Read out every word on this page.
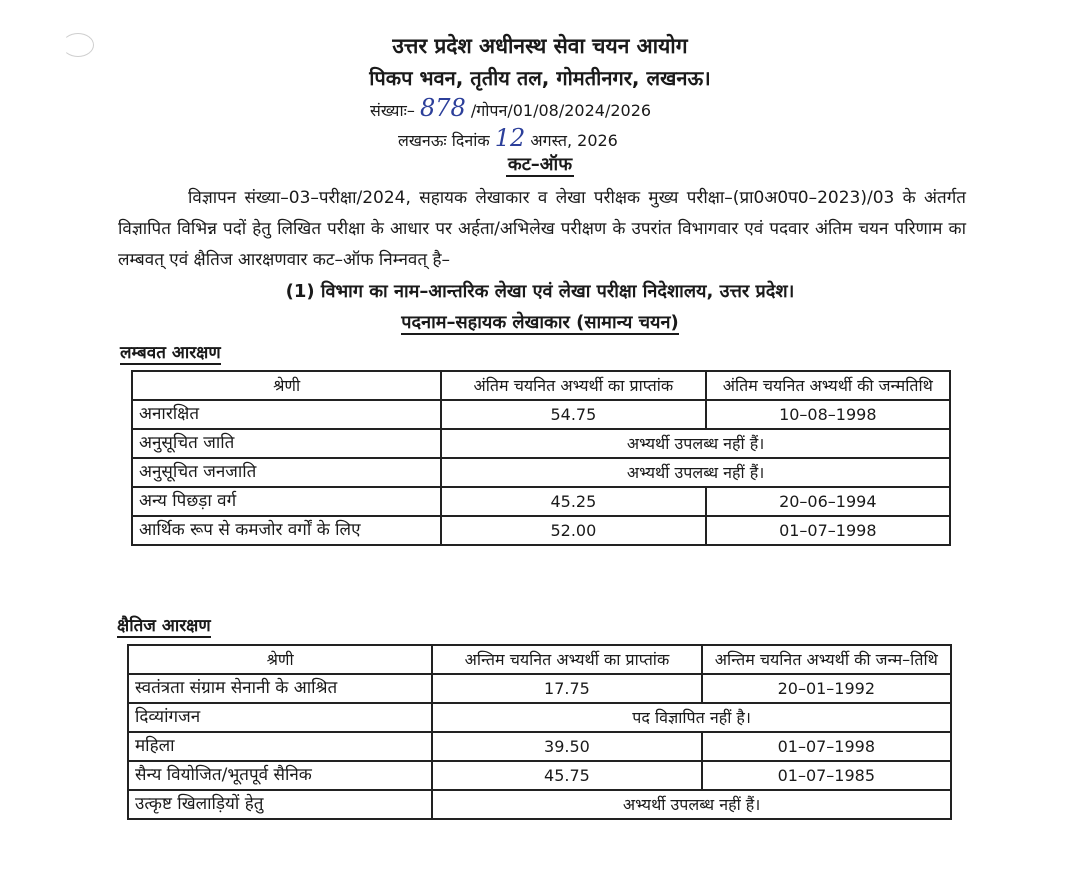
उत्तर प्रदेश अधीनस्थ सेवा चयन आयोग
पिकप भवन, तृतीय तल, गोमतीनगर, लखनऊ।
संख्याः– 878 /गोपन/01/08/2024/2026
लखनऊः दिनांक 12 अगस्त, 2026
कट–ऑफ
विज्ञापन संख्या–03–परीक्षा/2024, सहायक लेखाकार व लेखा परीक्षक मुख्य परीक्षा–(प्रा0अ0प0–2023)/03 के अंतर्गत विज्ञापित विभिन्न पदों हेतु लिखित परीक्षा के आधार पर अर्हता/अभिलेख परीक्षण के उपरांत विभागवार एवं पदवार अंतिम चयन परिणाम का लम्बवत् एवं क्षैतिज आरक्षणवार कट–ऑफ निम्नवत् है–
(1) विभाग का नाम–आन्तरिक लेखा एवं लेखा परीक्षा निदेशालय, उत्तर प्रदेश।
पदनाम–सहायक लेखाकार (सामान्य चयन)
लम्बवत आरक्षण
श्रेणी	अंतिम चयनित अभ्यर्थी का प्राप्तांक	अंतिम चयनित अभ्यर्थी की जन्मतिथि
अनारक्षित	54.75	10–08–1998
अनुसूचित जाति	अभ्यर्थी उपलब्ध नहीं हैं।	
अनुसूचित जनजाति	अभ्यर्थी उपलब्ध नहीं हैं।	
अन्य पिछड़ा वर्ग	45.25	20–06–1994
आर्थिक रूप से कमजोर वर्गों के लिए	52.00	01–07–1998
क्षैतिज आरक्षण
श्रेणी	अन्तिम चयनित अभ्यर्थी का प्राप्तांक	अन्तिम चयनित अभ्यर्थी की जन्म–तिथि
स्वतंत्रता संग्राम सेनानी के आश्रित	17.75	20–01–1992
दिव्यांगजन	पद विज्ञापित नहीं है।	
महिला	39.50	01–07–1998
सैन्य वियोजित/भूतपूर्व सैनिक	45.75	01–07–1985
उत्कृष्ट खिलाड़ियों हेतु	अभ्यर्थी उपलब्ध नहीं हैं।	
